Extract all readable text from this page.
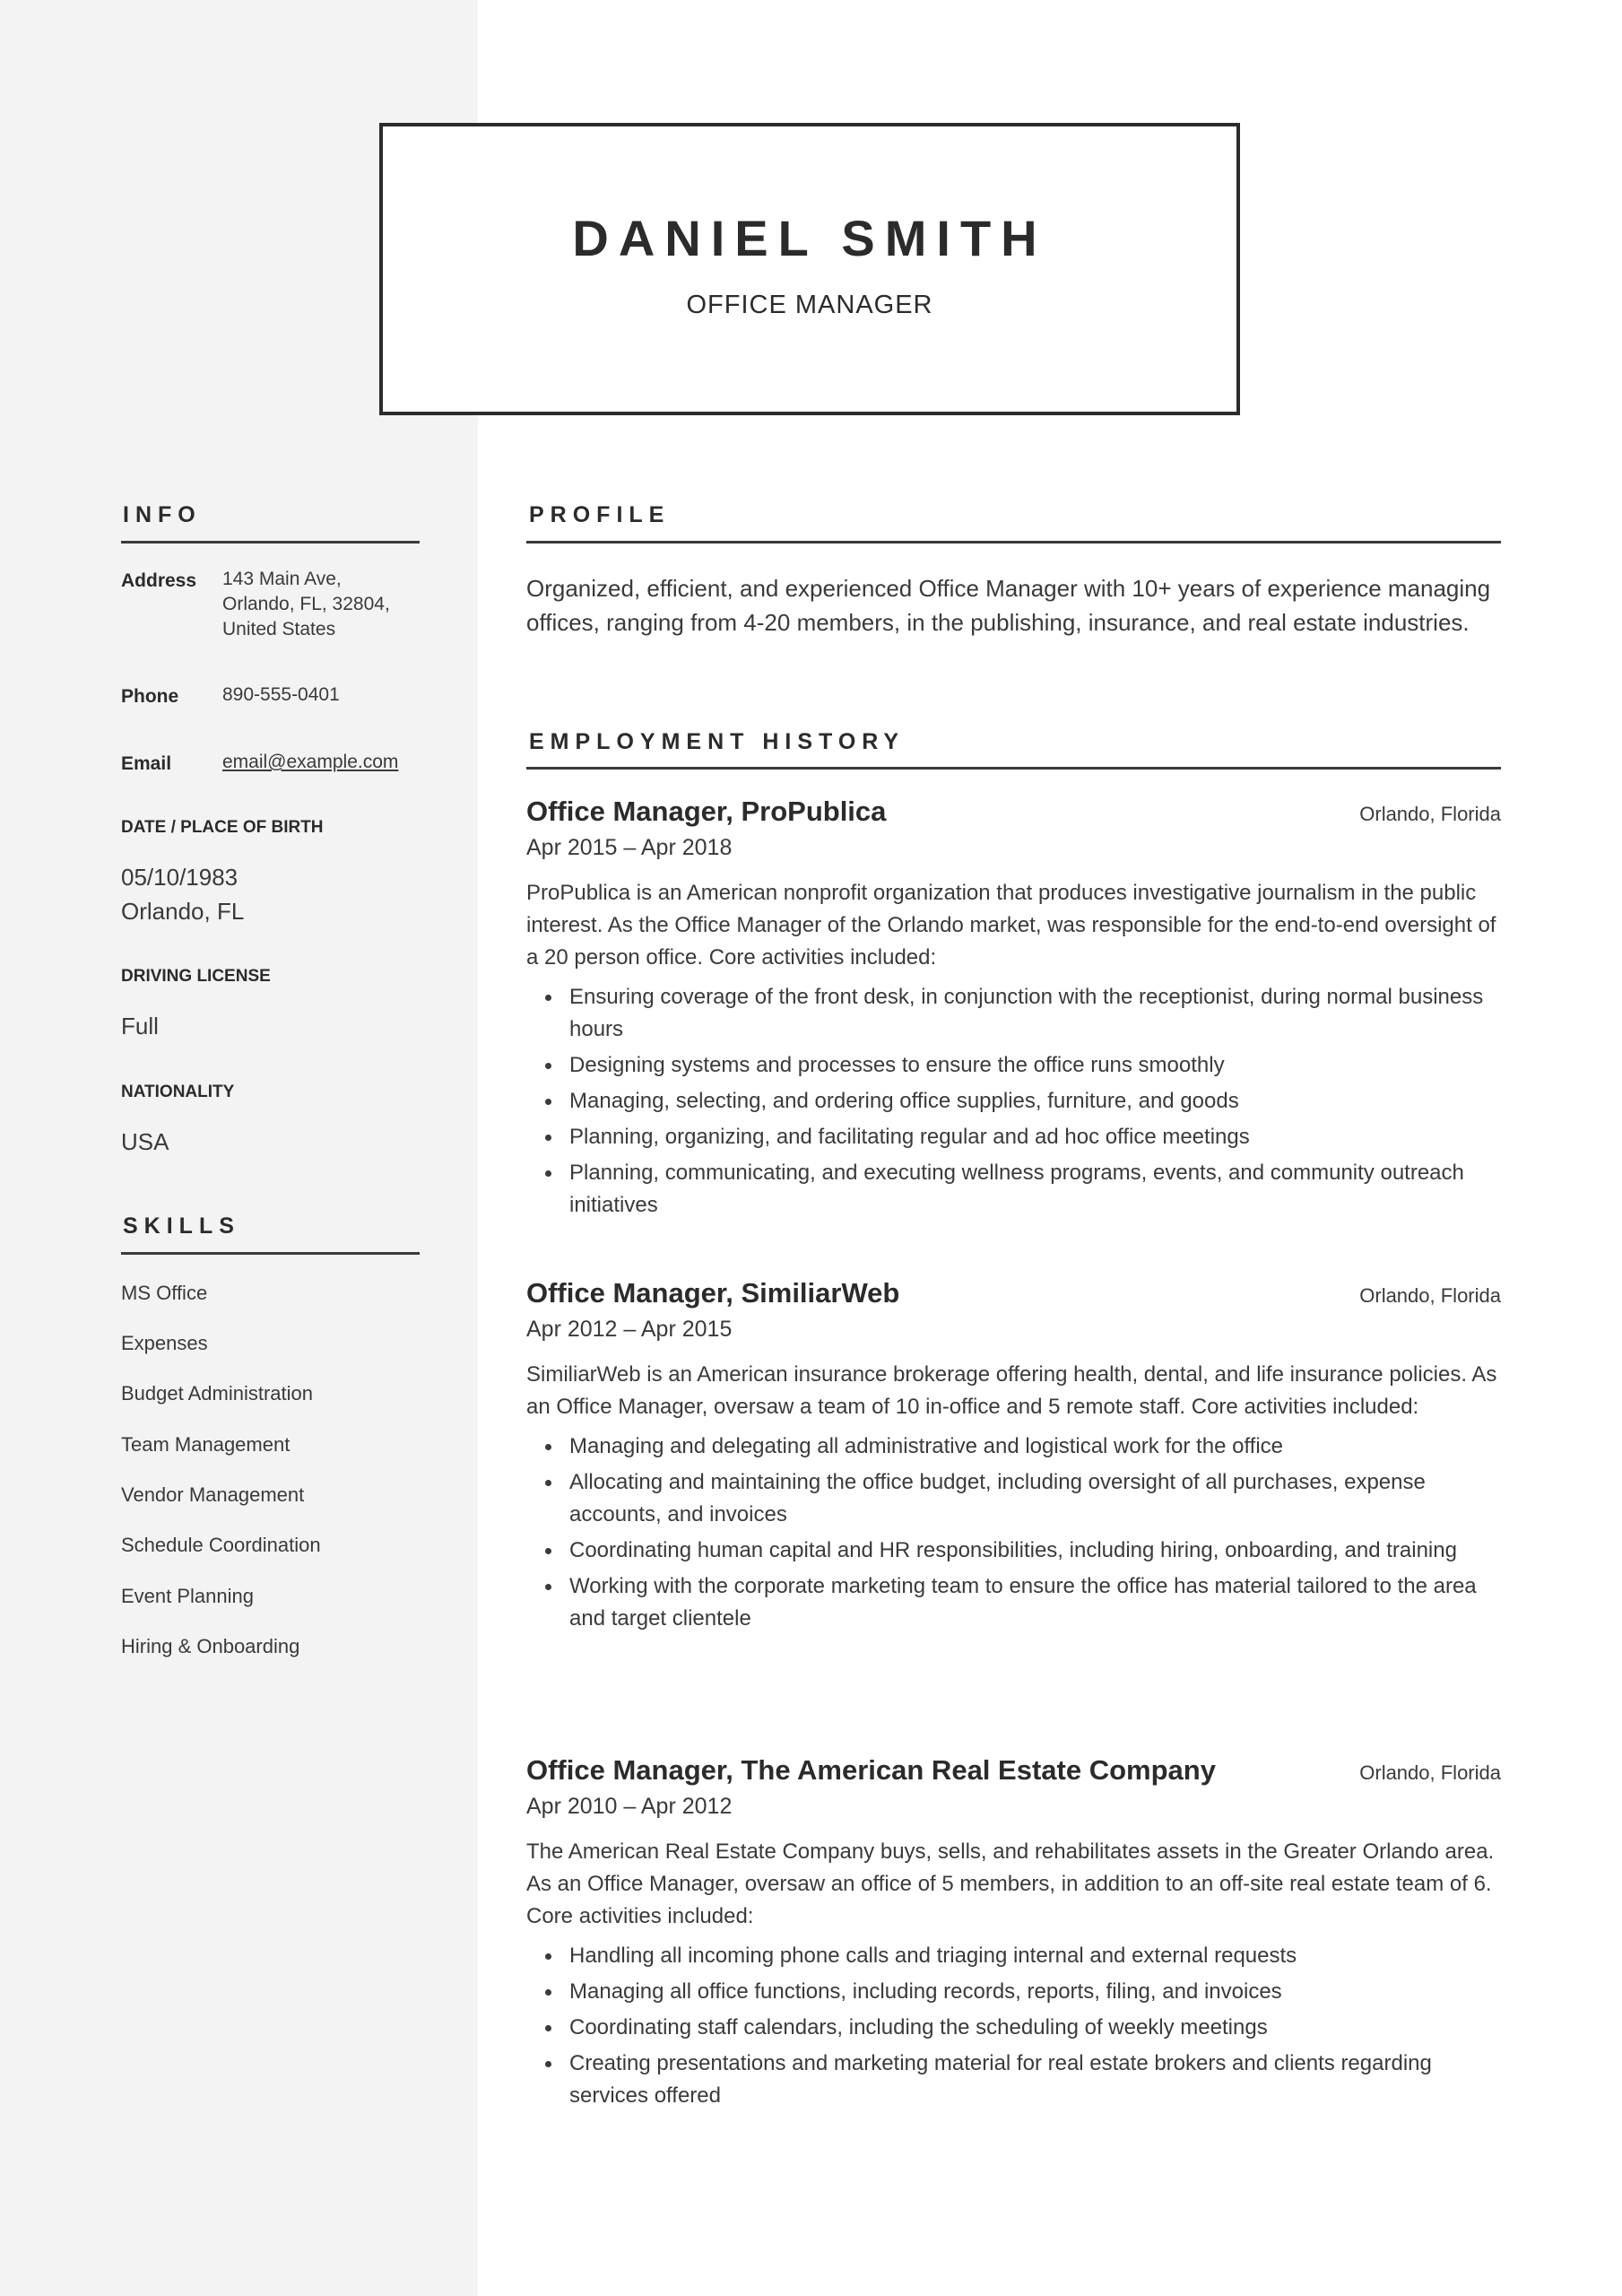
DANIEL SMITH
OFFICE MANAGER
INFO
Address 143 Main Ave,
Orlando, FL, 32804,
United States
Phone 890-555-0401
Email	email@example.com
DATE / PLACE OF BIRTH
05/10/1983
Orlando, FL
DRIVING LICENSE
Full
NATIONALITY
USA
SKILLS
MS Office
Expenses
Budget Administration
Team Management
Vendor Management
Schedule Coordination
Event Planning
Hiring & Onboarding
PROFILE
Organized, efficient, and experienced Office Manager with 10+ years of experience managing offices, ranging from 4-20 members, in the publishing, insurance, and real estate industries.
EMPLOYMENT HISTORY
Office Manager, ProPublica	Orlando, Florida
Apr 2015 – Apr 2018
ProPublica is an American nonprofit organization that produces investigative journalism in the public interest. As the Office Manager of the Orlando market, was responsible for the end-to-end oversight of a 20 person office. Core activities included:
Ensuring coverage of the front desk, in conjunction with the receptionist, during normal business hours
Designing systems and processes to ensure the office runs smoothly
Managing, selecting, and ordering office supplies, furniture, and goods
Planning, organizing, and facilitating regular and ad hoc office meetings
Planning, communicating, and executing wellness programs, events, and community outreach initiatives
Office Manager, SimiliarWeb	Orlando, Florida
Apr 2012 – Apr 2015
SimiliarWeb is an American insurance brokerage offering health, dental, and life insurance policies. As an Office Manager, oversaw a team of 10 in-office and 5 remote staff. Core activities included:
Managing and delegating all administrative and logistical work for the office
Allocating and maintaining the office budget, including oversight of all purchases, expense accounts, and invoices
Coordinating human capital and HR responsibilities, including hiring, onboarding, and training
Working with the corporate marketing team to ensure the office has material tailored to the area and target clientele
Office Manager, The American Real Estate Company	Orlando, Florida
Apr 2010 – Apr 2012
The American Real Estate Company buys, sells, and rehabilitates assets in the Greater Orlando area. As an Office Manager, oversaw an office of 5 members, in addition to an off-site real estate team of 6. Core activities included:
Handling all incoming phone calls and triaging internal and external requests
Managing all office functions, including records, reports, filing, and invoices
Coordinating staff calendars, including the scheduling of weekly meetings
Creating presentations and marketing material for real estate brokers and clients regarding services offered
